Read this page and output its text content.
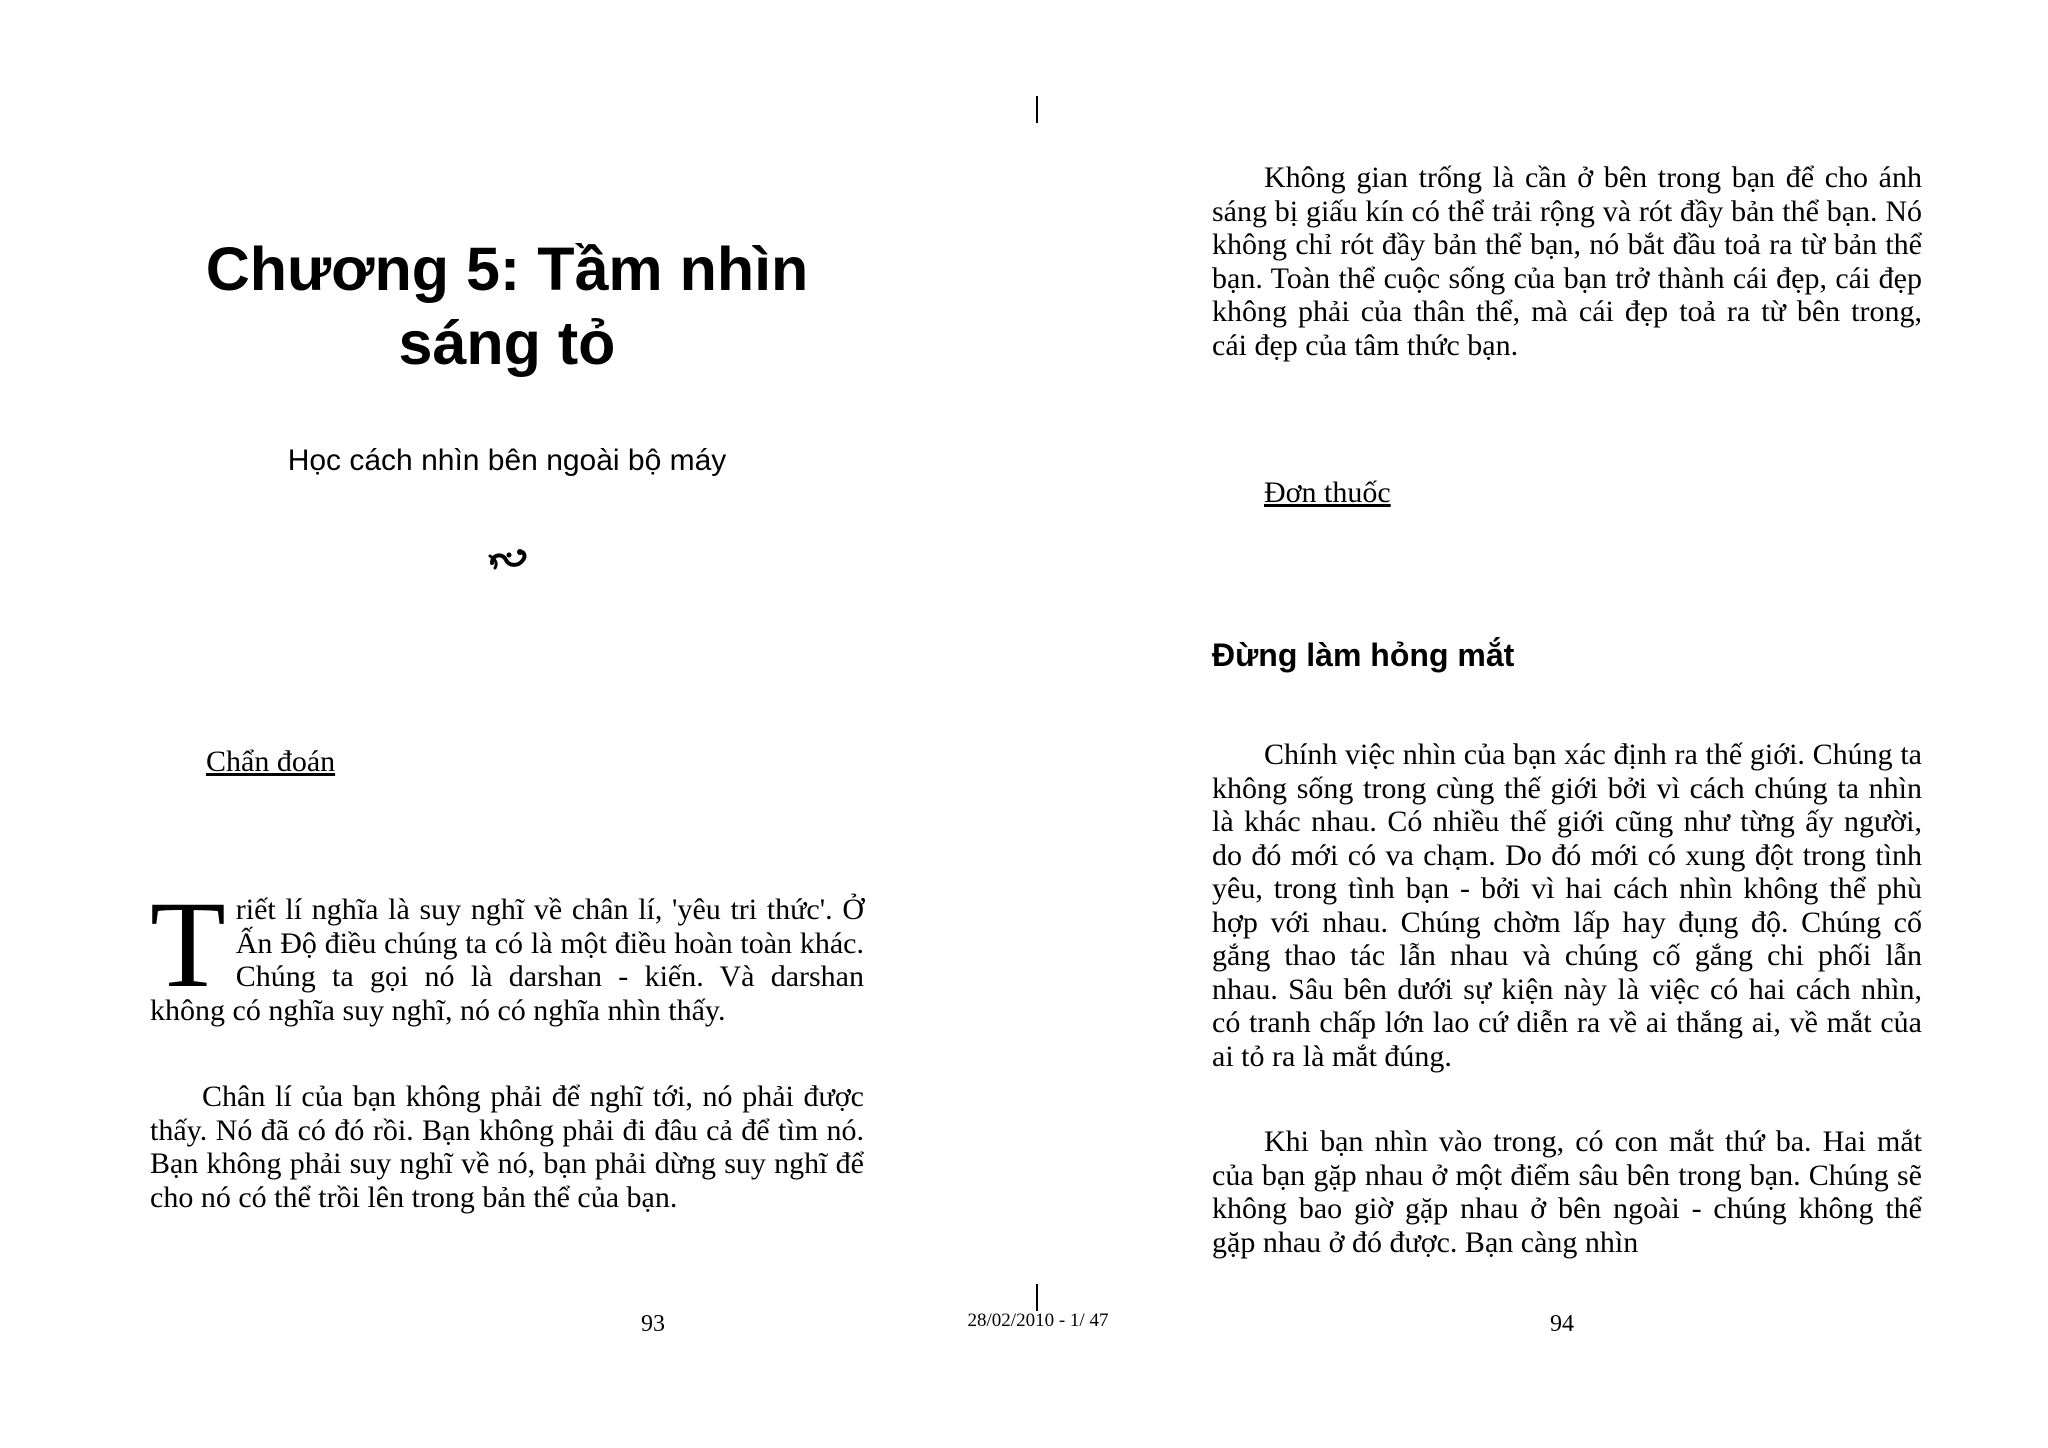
Chương 5: Tầm nhìn
sáng tỏ
Học cách nhìn bên ngoài bộ máy
Chẩn đoán

Triết lí nghĩa là suy nghĩ về chân lí, 'yêu tri thức'. Ở Ấn Độ điều chúng ta có là một điều hoàn toàn khác. Chúng ta gọi nó là darshan - kiến. Và darshan không có nghĩa suy nghĩ, nó có nghĩa nhìn thấy.

Chân lí của bạn không phải để nghĩ tới, nó phải được thấy. Nó đã có đó rồi. Bạn không phải đi đâu cả để tìm nó. Bạn không phải suy nghĩ về nó, bạn phải dừng suy nghĩ để cho nó có thể trồi lên trong bản thể của bạn.

93

Không gian trống là cần ở bên trong bạn để cho ánh sáng bị giấu kín có thể trải rộng và rót đầy bản thể bạn. Nó không chỉ rót đầy bản thể bạn, nó bắt đầu toả ra từ bản thể bạn. Toàn thể cuộc sống của bạn trở thành cái đẹp, cái đẹp không phải của thân thể, mà cái đẹp toả ra từ bên trong, cái đẹp của tâm thức bạn.

Đơn thuốc
Đừng làm hỏng mắt

Chính việc nhìn của bạn xác định ra thế giới. Chúng ta không sống trong cùng thế giới bởi vì cách chúng ta nhìn là khác nhau. Có nhiều thế giới cũng như từng ấy người, do đó mới có va chạm. Do đó mới có xung đột trong tình yêu, trong tình bạn - bởi vì hai cách nhìn không thể phù hợp với nhau. Chúng chờm lấp hay đụng độ. Chúng cố gắng thao tác lẫn nhau và chúng cố gắng chi phối lẫn nhau. Sâu bên dưới sự kiện này là việc có hai cách nhìn, có tranh chấp lớn lao cứ diễn ra về ai thắng ai, về mắt của ai tỏ ra là mắt đúng.

Khi bạn nhìn vào trong, có con mắt thứ ba. Hai mắt của bạn gặp nhau ở một điểm sâu bên trong bạn. Chúng sẽ không bao giờ gặp nhau ở bên ngoài - chúng không thể gặp nhau ở đó được. Bạn càng nhìn

94
28/02/2010 - 1/ 47
